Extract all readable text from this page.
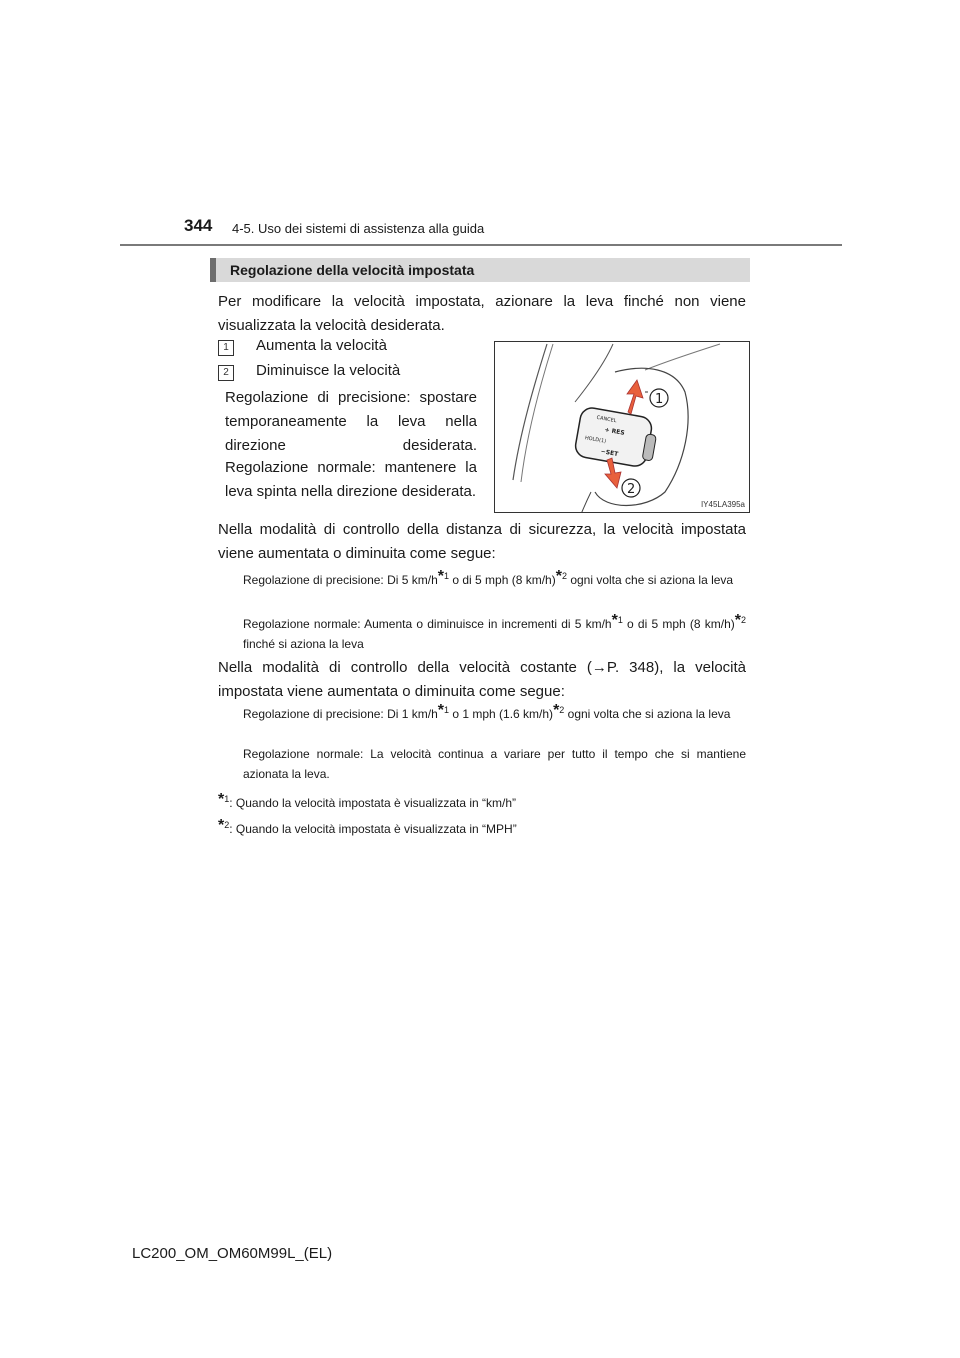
344 4-5. Uso dei sistemi di assistenza alla guida
Regolazione della velocità impostata
Per modificare la velocità impostata, azionare la leva finché non viene visualizzata la velocità desiderata.
1	Aumenta la velocità
2	Diminuisce la velocità
Regolazione di precisione: spostare temporaneamente la leva nella direzione desiderata.
Regolazione normale: mantenere la leva spinta nella direzione desiderata.
CANCEL
+ RES
HOLD(1)
−SET
1
2
IY45LA395a
Nella modalità di controllo della distanza di sicurezza, la velocità impostata viene aumentata o diminuita come segue:
Regolazione di precisione: Di 5 km/h*$^1$ o di 5 mph (8 km/h)*$^2$ ogni volta che si aziona la leva
Regolazione normale: Aumenta o diminuisce in incrementi di 5 km/h*$^1$ o di 5 mph (8 km/h)*$^2$ finché si aziona la leva
Nella modalità di controllo della velocità costante (→P. 348), la velocità impostata viene aumentata o diminuita come segue:
Regolazione di precisione: Di 1 km/h*$^1$ o 1 mph (1.6 km/h)*$^2$ ogni volta che si aziona la leva
Regolazione normale: La velocità continua a variare per tutto il tempo che si mantiene azionata la leva.
*$^1$: Quando la velocità impostata è visualizzata in “km/h”
*$^2$: Quando la velocità impostata è visualizzata in “MPH”
LC200_OM_OM60M99L_(EL)
